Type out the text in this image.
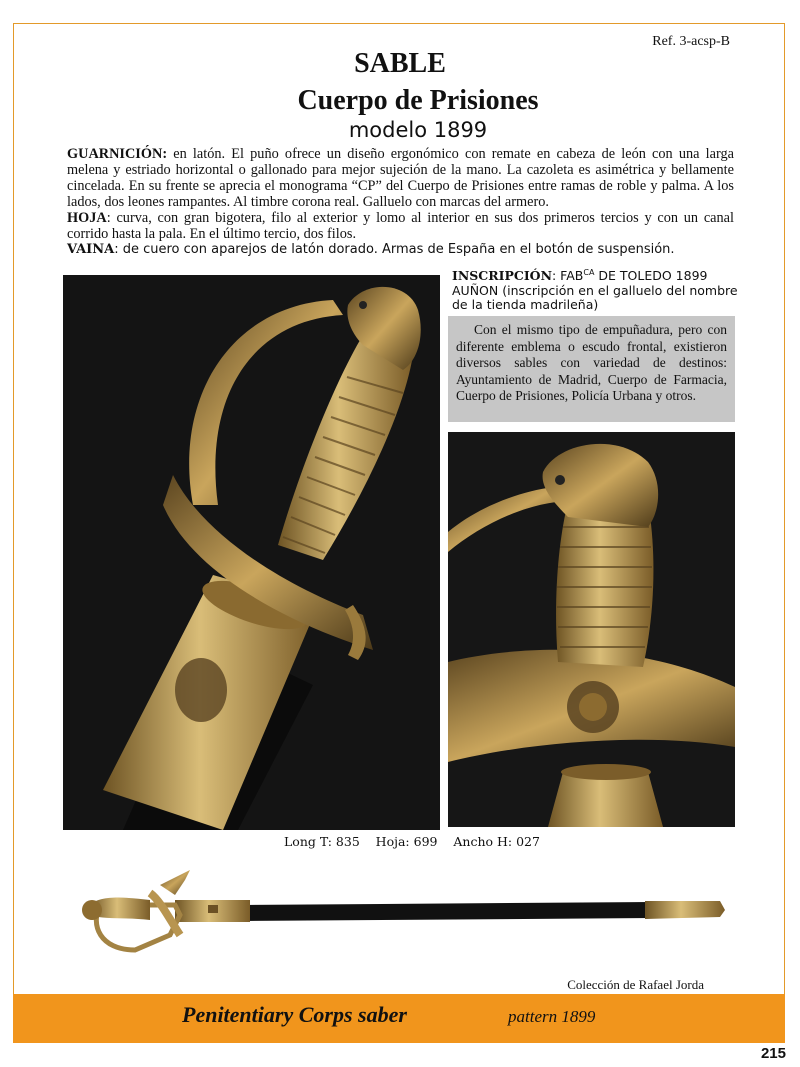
Ref. 3-acsp-B
SABLE
Cuerpo de Prisiones
modelo 1899

GUARNICIÓN: en latón. El puño ofrece un diseño ergonómico con remate en cabeza de león con una larga melena y estriado horizontal o gallonado para mejor sujeción de la mano. La cazoleta es asimétrica y bellamente cincelada. En su frente se aprecia el monograma “CP” del Cuerpo de Prisiones entre ramas de roble y palma. A los lados, dos leones rampantes. Al timbre corona real. Galluelo con marcas del armero.

HOJA: curva, con gran bigotera, filo al exterior y lomo al interior en sus dos primeros tercios y con un canal corrido hasta la pala. En el último tercio, dos filos.

VAINA: de cuero con aparejos de latón dorado. Armas de España en el botón de suspensión.

INSCRIPCIÓN: $FAB^{CA}$ DE TOLEDO 1899
AUÑON (inscripción en el galluelo del nombre de la tienda madrileña)
Con el mismo tipo de empuñadura, pero con diferente emblema o escudo frontal, existieron diversos sables con variedad de destinos: Ayuntamiento de Madrid, Cuerpo de Farmacia, Cuerpo de Prisiones, Policía Urbana y otros.
Long T: 835    Hoja: 699    Ancho H: 027
Colección de Rafael Jorda
Penitentiary Corps saber	pattern 1899
215
